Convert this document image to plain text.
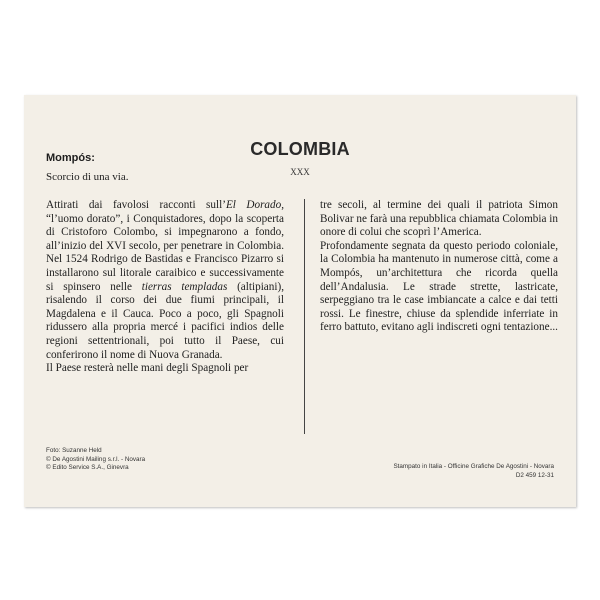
COLOMBIA
XXX
Mompós:
Scorcio di una via.

Attirati dai favolosi racconti sull’El Dorado, “l’uomo dorato”, i Conquistadores, dopo la scoperta di Cristoforo Colombo, si impegnarono a fondo, all’inizio del XVI secolo, per penetrare in Colombia. Nel 1524 Rodrigo de Bastidas e Francisco Pizarro si installarono sul litorale caraibico e successivamente si spinsero nelle tierras templadas (altipiani), risalendo il corso dei due fiumi principali, il Magdalena e il Cauca. Poco a poco, gli Spagnoli ridussero alla propria mercé i pacifici indios delle regioni settentrionali, poi tutto il Paese, cui conferirono il nome di Nuova Granada.

Il Paese resterà nelle mani degli Spagnoli per

tre secoli, al termine dei quali il patriota Simon Bolivar ne farà una repubblica chiamata Colombia in onore di colui che scoprì l’America.

Profondamente segnata da questo periodo coloniale, la Colombia ha mantenuto in numerose città, come a Mompós, un’architettura che ricorda quella dell’Andalusia. Le strade strette, lastricate, serpeggiano tra le case imbiancate a calce e dai tetti rossi. Le finestre, chiuse da splendide inferriate in ferro battuto, evitano agli indiscreti ogni tentazione...

Foto: Suzanne Held
© De Agostini Mailing s.r.l. - Novara
© Edito Service S.A., Ginevra	Stampato in Italia - Officine Grafiche De Agostini - Novara
D2 459 12-31
